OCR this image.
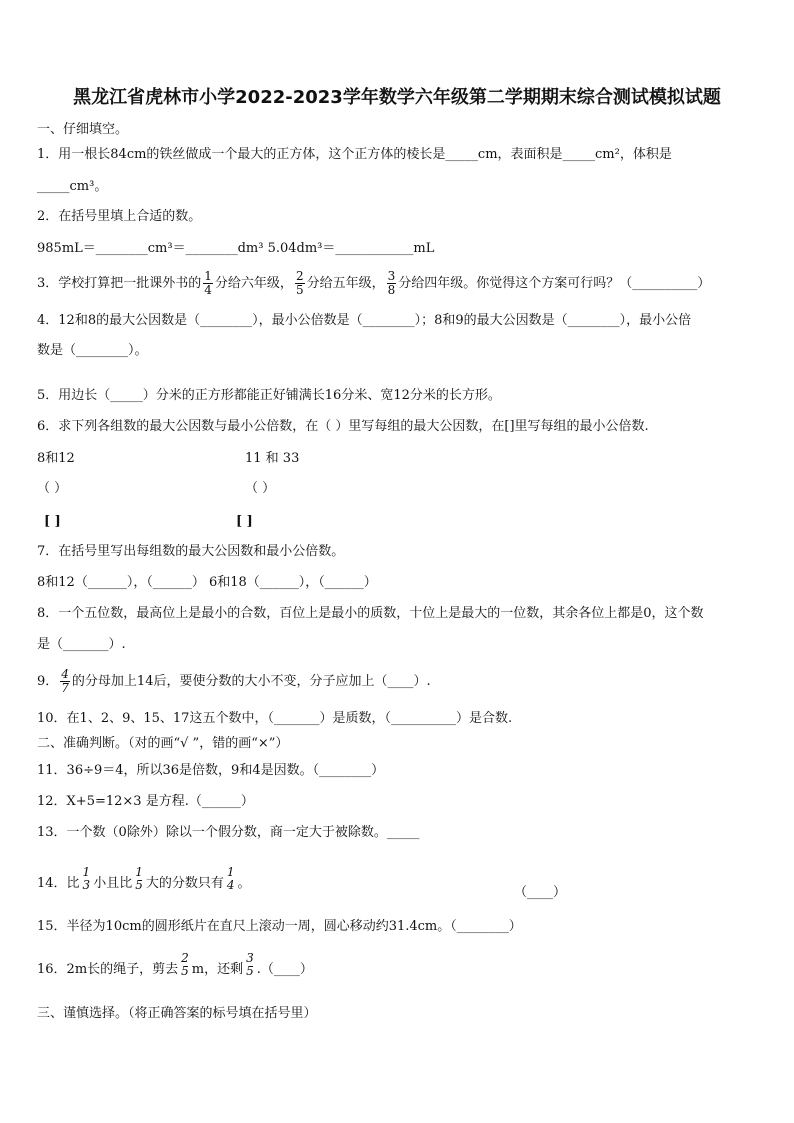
黑龙江省虎林市小学2022-2023学年数学六年级第二学期期末综合测试模拟试题
一、仔细填空。
1．用一根长84cm的铁丝做成一个最大的正方体，这个正方体的棱长是_____cm，表面积是_____cm²，体积是
_____cm³。
2．在括号里填上合适的数。
985mL＝________cm³＝________dm³ 5.04dm³＝____________mL
3．学校打算把一批课外书的 $\frac{1}{4}$ 分给六年级， $\frac{2}{5}$ 分给五年级， $\frac{3}{8}$ 分给四年级。你觉得这个方案可行吗？（__________）
4．12和8的最大公因数是（________），最小公倍数是（________）；8和9的最大公因数是（________），最小公倍
数是（________）。
5．用边长（_____）分米的正方形都能正好铺满长16分米、宽12分米的长方形。
6．求下列各组数的最大公因数与最小公倍数，在（ ）里写每组的最大公因数，在[]里写每组的最小公倍数.
8和12	11 和 33
（ ）	（ ）
[ ]	[ ]
7．在括号里写出每组数的最大公因数和最小公倍数。
8和12（______），（______） 6和18（______），（______）
8．一个五位数，最高位上是最小的合数，百位上是最小的质数，十位上是最大的一位数，其余各位上都是0，这个数
是（_______）.
9． $\frac{4}{7}$ 的分母加上14后，要使分数的大小不变，分子应加上（____）.
10．在1、2、9、15、17这五个数中，（_______）是质数，（__________）是合数.
二、准确判断。（对的画“√ ”，错的画“×”）
11．36÷9＝4，所以36是倍数，9和4是因数。（________）
12．X+5=12×3 是方程.（______）
13．一个数（0除外）除以一个假分数，商一定大于被除数。_____
14．比
1
3 小且比
1
5 大的分数只有
1
4 。
（____）
15．半径为10cm的圆形纸片在直尺上滚动一周，圆心移动约31.4cm。（________）
16．2m长的绳子，剪去
2
5 m，还剩
3
5 .（____）
三、谨慎选择。（将正确答案的标号填在括号里）
